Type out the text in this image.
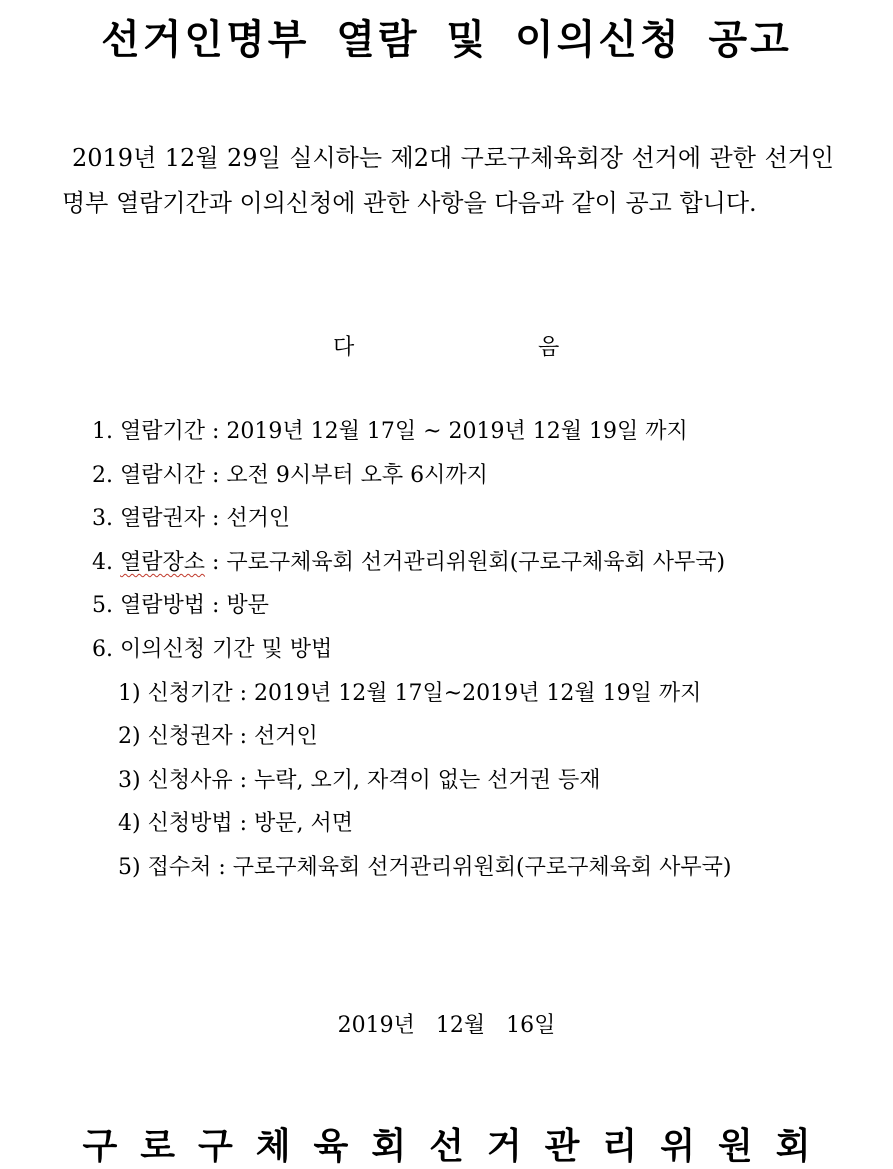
선거인명부 열람 및 이의신청 공고
2019년 12월 29일 실시하는 제2대 구로구체육회장 선거에 관한 선거인명부 열람기간과 이의신청에 관한 사항을 다음과 같이 공고 합니다.
다	음
1. 열람기간 : 2019년 12월 17일 ~ 2019년 12월 19일 까지
2. 열람시간 : 오전 9시부터 오후 6시까지
3. 열람권자 : 선거인
4. 열람장소 : 구로구체육회 선거관리위원회(구로구체육회 사무국)
5. 열람방법 : 방문
6. 이의신청 기간 및 방법
1) 신청기간 : 2019년 12월 17일~2019년 12월 19일 까지
2) 신청권자 : 선거인
3) 신청사유 : 누락, 오기, 자격이 없는 선거권 등재
4) 신청방법 : 방문, 서면
5) 접수처 : 구로구체육회 선거관리위원회(구로구체육회 사무국)
2019년 12월 16일
구로구체육회선거관리위원회
